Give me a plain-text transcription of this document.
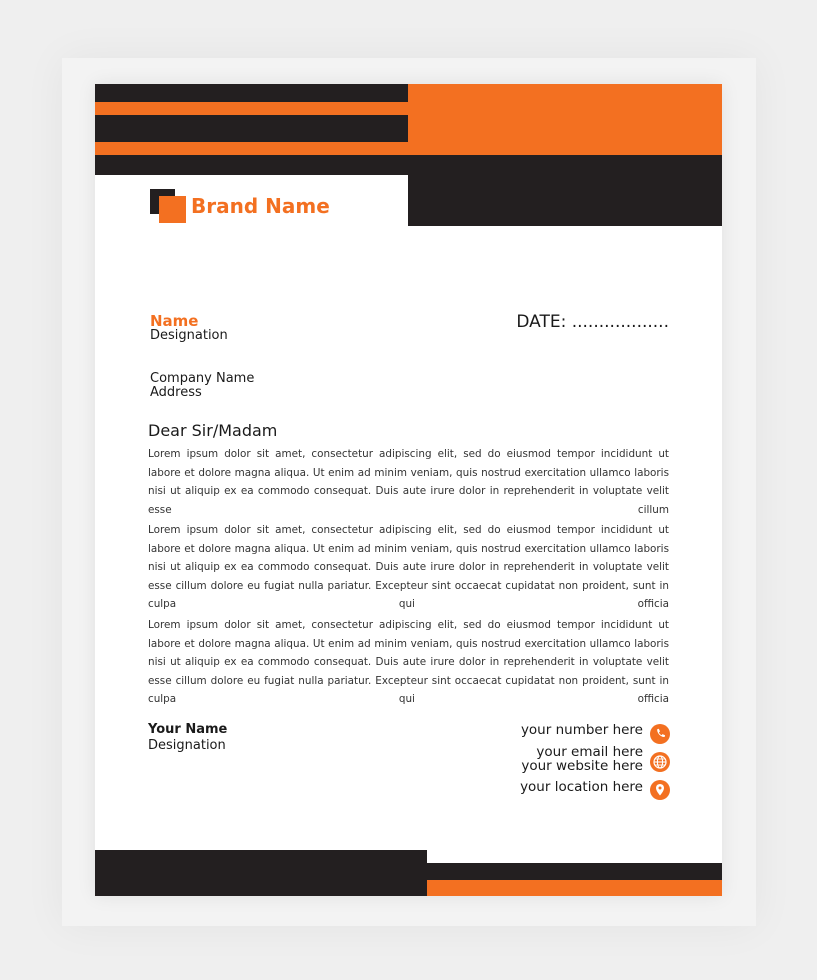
Brand Name
Name
Designation
DATE: ..................
Company Name
Address
Dear Sir/Madam

Lorem ipsum dolor sit amet, consectetur adipiscing elit, sed do eiusmod tempor incididunt ut labore et dolore magna aliqua. Ut enim ad minim veniam, quis nostrud exercitation ullamco laboris nisi ut aliquip ex ea commodo consequat. Duis aute irure dolor in reprehenderit in voluptate velit esse cillum

Lorem ipsum dolor sit amet, consectetur adipiscing elit, sed do eiusmod tempor incididunt ut labore et dolore magna aliqua. Ut enim ad minim veniam, quis nostrud exercitation ullamco laboris nisi ut aliquip ex ea commodo consequat. Duis aute irure dolor in reprehenderit in voluptate velit esse cillum dolore eu fugiat nulla pariatur. Excepteur sint occaecat cupidatat non proident, sunt in culpa qui officia

Lorem ipsum dolor sit amet, consectetur adipiscing elit, sed do eiusmod tempor incididunt ut labore et dolore magna aliqua. Ut enim ad minim veniam, quis nostrud exercitation ullamco laboris nisi ut aliquip ex ea commodo consequat. Duis aute irure dolor in reprehenderit in voluptate velit esse cillum dolore eu fugiat nulla pariatur. Excepteur sint occaecat cupidatat non proident, sunt in culpa qui officia

Your Name
Designation
your number here
your email here
your website here
your location here
